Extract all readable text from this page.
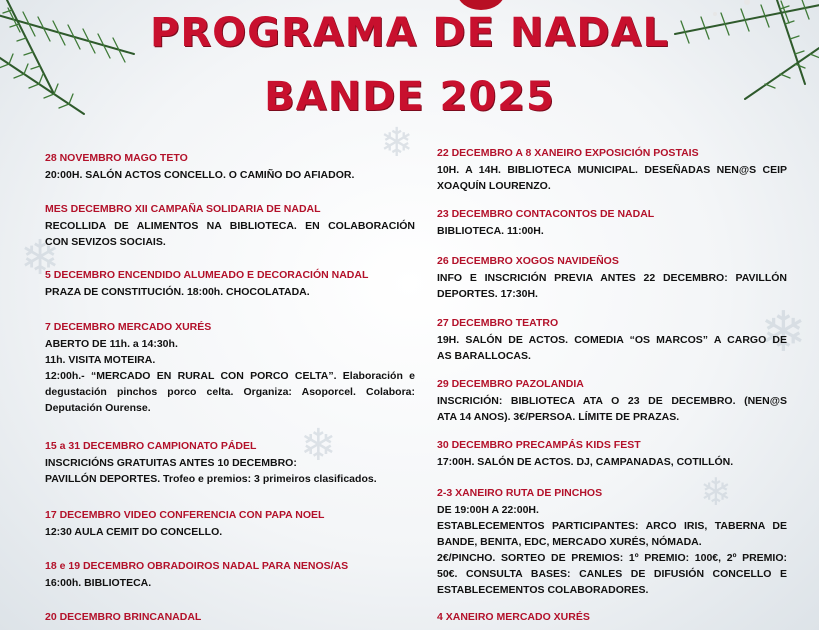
❄
❄
❄
❄
❄
PROGRAMA DE NADAL
BANDE 2025
28 NOVEMBRO MAGO TETO
20:00H. SALÓN ACTOS CONCELLO. O CAMIÑO DO AFIADOR.
MES DECEMBRO XII CAMPAÑA SOLIDARIA DE NADAL
RECOLLIDA DE ALIMENTOS NA BIBLIOTECA. EN COLABORACIÓN
CON SEVIZOS SOCIAIS.
5 DECEMBRO ENCENDIDO ALUMEADO E DECORACIÓN NADAL
PRAZA DE CONSTITUCIÓN. 18:00h. CHOCOLATADA.
7 DECEMBRO MERCADO XURÉS
ABERTO DE 11h. a 14:30h.
11h. VISITA MOTEIRA.
12:00h.- “MERCADO EN RURAL CON PORCO CELTA”. Elaboración e
degustación pinchos porco celta. Organiza: Asoporcel. Colabora:
Deputación Ourense.
15 a 31 DECEMBRO CAMPIONATO PÁDEL
INSCRICIÓNS GRATUITAS ANTES 10 DECEMBRO:
PAVILLÓN DEPORTES. Trofeo e premios: 3 primeiros clasificados.
17 DECEMBRO VIDEO CONFERENCIA CON PAPA NOEL
12:30 AULA CEMIT DO CONCELLO.
18 e 19 DECEMBRO OBRADOIROS NADAL PARA NENOS/AS
16:00h. BIBLIOTECA.
20 DECEMBRO BRINCANADAL
22 DECEMBRO A 8 XANEIRO EXPOSICIÓN POSTAIS
10H. A 14H. BIBLIOTECA MUNICIPAL. DESEÑADAS NEN@S CEIP
XOAQUÍN LOURENZO.
23 DECEMBRO CONTACONTOS DE NADAL
BIBLIOTECA. 11:00H.
26 DECEMBRO XOGOS NAVIDEÑOS
INFO E INSCRICIÓN PREVIA ANTES 22 DECEMBRO: PAVILLÓN
DEPORTES. 17:30H.
27 DECEMBRO TEATRO
19H. SALÓN DE ACTOS. COMEDIA “OS MARCOS” A CARGO DE
AS BARALLOCAS.
29 DECEMBRO PAZOLANDIA
INSCRICIÓN: BIBLIOTECA ATA O 23 DE DECEMBRO. (NEN@S
ATA 14 ANOS). 3€/PERSOA. LÍMITE DE PRAZAS.
30 DECEMBRO PRECAMPÁS KIDS FEST
17:00H. SALÓN DE ACTOS. DJ, CAMPANADAS, COTILLÓN.
2-3 XANEIRO RUTA DE PINCHOS
DE 19:00H A 22:00H.
ESTABLECEMENTOS PARTICIPANTES: ARCO IRIS, TABERNA DE
BANDE, BENITA, EDC, MERCADO XURÉS, NÓMADA.
2€/PINCHO. SORTEO DE PREMIOS: 1º PREMIO: 100€, 2º PREMIO:
50€. CONSULTA BASES: CANLES DE DIFUSIÓN CONCELLO E
ESTABLECEMENTOS COLABORADORES.
4 XANEIRO MERCADO XURÉS
